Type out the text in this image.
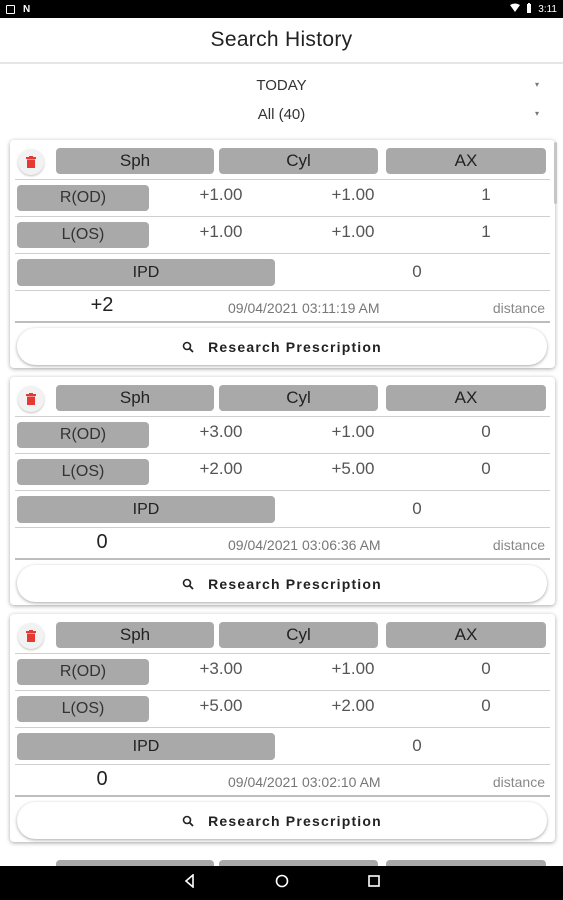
N	3:11
Search History
TODAY	▾
All (40)	▾
Sph	Cyl	AX
R(OD)	+1.00	+1.00	1
L(OS)	+1.00	+1.00	1
IPD	0
+2	09/04/2021 03:11:19 AM	distance
Research Prescription
Sph	Cyl	AX
R(OD)	+3.00	+1.00	0
L(OS)	+2.00	+5.00	0
IPD	0
0	09/04/2021 03:06:36 AM	distance
Research Prescription
Sph	Cyl	AX
R(OD)	+3.00	+1.00	0
L(OS)	+5.00	+2.00	0
IPD	0
0	09/04/2021 03:02:10 AM	distance
Research Prescription
